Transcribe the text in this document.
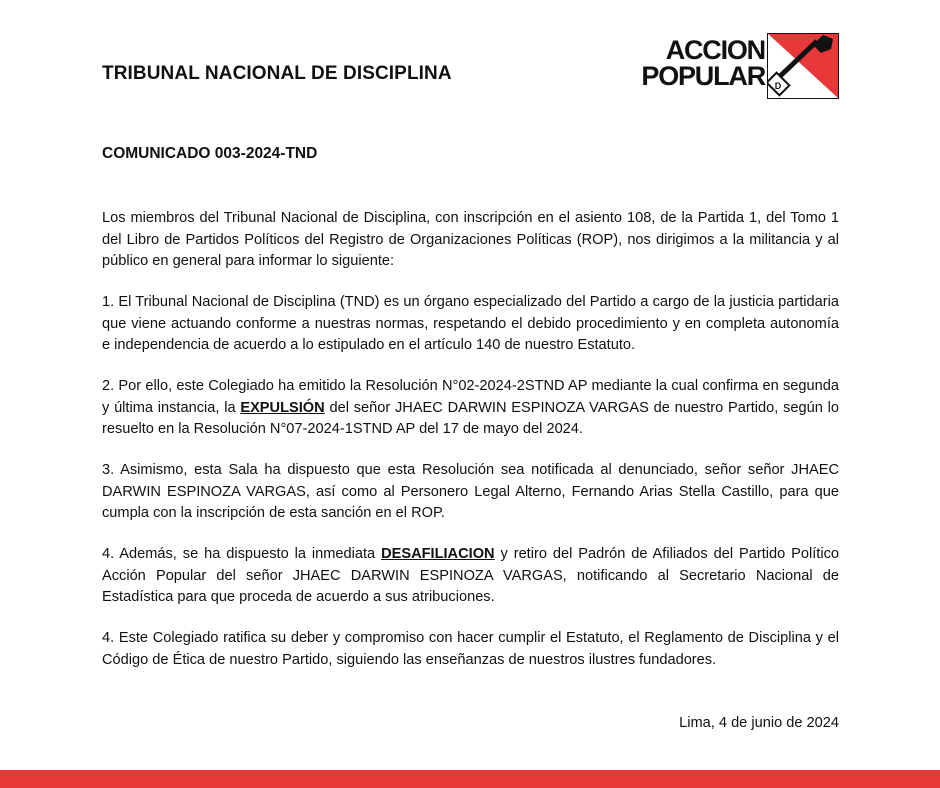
TRIBUNAL NACIONAL DE DISCIPLINA
ACCION
POPULAR D
COMUNICADO 003-2024-TND

Los miembros del Tribunal Nacional de Disciplina, con inscripción en el asiento 108, de la Partida 1, del Tomo 1 del Libro de Partidos Políticos del Registro de Organizaciones Políticas (ROP), nos dirigimos a la militancia y al público en general para informar lo siguiente:

1. El Tribunal Nacional de Disciplina (TND) es un órgano especializado del Partido a cargo de la justicia partidaria que viene actuando conforme a nuestras normas, respetando el debido procedimiento y en completa autonomía e independencia de acuerdo a lo estipulado en el artículo 140 de nuestro Estatuto.

2. Por ello, este Colegiado ha emitido la Resolución N°02-2024-2STND AP mediante la cual confirma en segunda y última instancia, la EXPULSIÓN del señor JHAEC DARWIN ESPINOZA VARGAS de nuestro Partido, según lo resuelto en la Resolución N°07-2024-1STND AP del 17 de mayo del 2024.

3. Asimismo, esta Sala ha dispuesto que esta Resolución sea notificada al denunciado, señor señor JHAEC DARWIN ESPINOZA VARGAS, así como al Personero Legal Alterno, Fernando Arias Stella Castillo, para que cumpla con la inscripción de esta sanción en el ROP.

4. Además, se ha dispuesto la inmediata DESAFILIACION y retiro del Padrón de Afiliados del Partido Político Acción Popular del señor JHAEC DARWIN ESPINOZA VARGAS, notificando al Secretario Nacional de Estadística para que proceda de acuerdo a sus atribuciones.

4. Este Colegiado ratifica su deber y compromiso con hacer cumplir el Estatuto, el Reglamento de Disciplina y el Código de Ética de nuestro Partido, siguiendo las enseñanzas de nuestros ilustres fundadores.

Lima, 4 de junio de 2024
